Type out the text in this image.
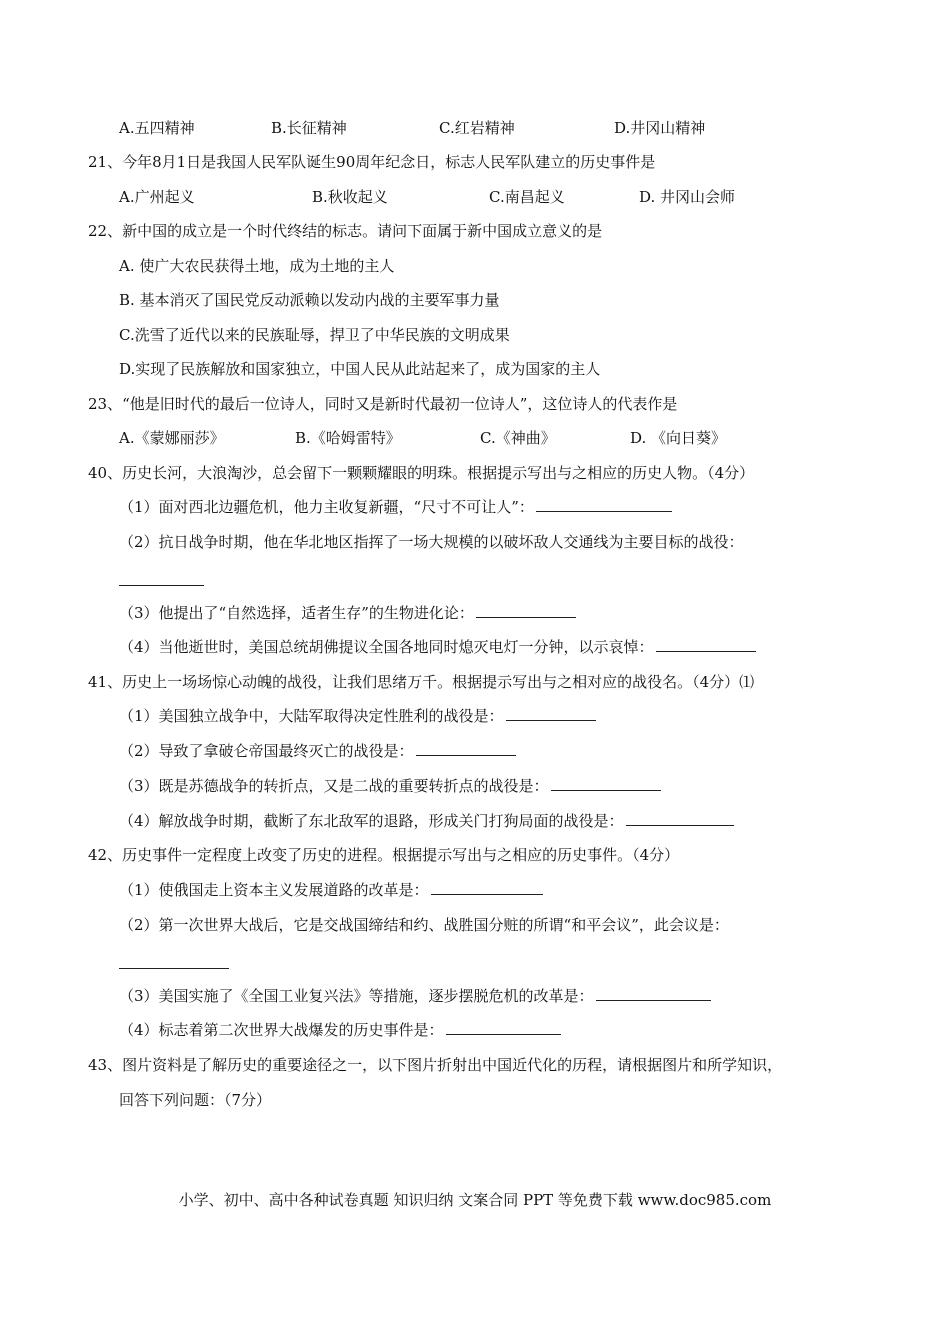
A.五四精神	B.长征精神	C.红岩精神	D.井冈山精神
21、今年8月1日是我国人民军队诞生90周年纪念日，标志人民军队建立的历史事件是
A.广州起义	B.秋收起义	C.南昌起义	D. 井冈山会师
22、新中国的成立是一个时代终结的标志。请问下面属于新中国成立意义的是
A. 使广大农民获得土地，成为土地的主人
B. 基本消灭了国民党反动派赖以发动内战的主要军事力量
C.洗雪了近代以来的民族耻辱，捍卫了中华民族的文明成果
D.实现了民族解放和国家独立，中国人民从此站起来了，成为国家的主人
23、“他是旧时代的最后一位诗人，同时又是新时代最初一位诗人”，这位诗人的代表作是
A.《蒙娜丽莎》	B.《哈姆雷特》	C.《神曲》	D. 《向日葵》
40、历史长河，大浪淘沙，总会留下一颗颗耀眼的明珠。根据提示写出与之相应的历史人物。（4分）
（1）面对西北边疆危机，他力主收复新疆，“尺寸不可让人”：
（2）抗日战争时期，他在华北地区指挥了一场大规模的以破坏敌人交通线为主要目标的战役：
（3）他提出了“自然选择，适者生存”的生物进化论：
（4）当他逝世时，美国总统胡佛提议全国各地同时熄灭电灯一分钟，以示哀悼：
41、历史上一场场惊心动魄的战役，让我们思绪万千。根据提示写出与之相对应的战役名。（4分）⑴
（1）美国独立战争中，大陆军取得决定性胜利的战役是：
（2）导致了拿破仑帝国最终灭亡的战役是：
（3）既是苏德战争的转折点，又是二战的重要转折点的战役是：
（4）解放战争时期，截断了东北敌军的退路，形成关门打狗局面的战役是：
42、历史事件一定程度上改变了历史的进程。根据提示写出与之相应的历史事件。（4分）
（1）使俄国走上资本主义发展道路的改革是：
（2）第一次世界大战后，它是交战国缔结和约、战胜国分赃的所谓“和平会议”，此会议是：
（3）美国实施了《全国工业复兴法》等措施，逐步摆脱危机的改革是：
（4）标志着第二次世界大战爆发的历史事件是：
43、图片资料是了解历史的重要途径之一，以下图片折射出中国近代化的历程，请根据图片和所学知识，
回答下列问题：（7分）
小学、初中、高中各种试卷真题 知识归纳 文案合同 PPT 等免费下载 www.doc985.com
